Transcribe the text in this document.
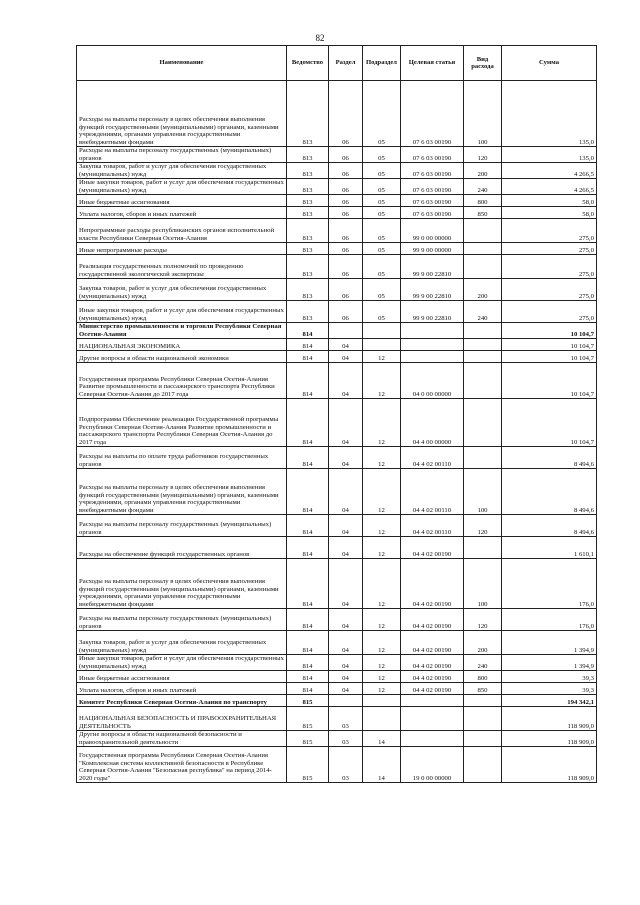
82
Наименование	Ведомство	Раздел	Подраздел	Целевая статья	Вид расхода	Сумма
Расходы на выплаты персоналу в целях обеспечения выполнения функций государственными (муниципальными) органами, казенными учреждениями, органами управления государственными внебюджетными фондами	813	06	05	07 6 03 00190	100	135,0
Расходы на выплаты персоналу государственных (муниципальных) органов	813	06	05	07 6 03 00190	120	135,0
Закупка товаров, работ и услуг для обеспечения государственных (муниципальных) нужд	813	06	05	07 6 03 00190	200	4 266,5
Иные закупки товаров, работ и услуг для обеспечения государственных (муниципальных) нужд	813	06	05	07 6 03 00190	240	4 266,5
Иные бюджетные ассигнования	813	06	05	07 6 03 00190	800	58,0
Уплата налогов, сборов и иных платежей	813	06	05	07 6 03 00190	850	58,0
Непрограммные расходы республиканских органов исполнительной власти Республики Северная Осетия-Алания	813	06	05	99 0 00 00000		275,0
Иные непрограммные расходы	813	06	05	99 9 00 00000		275,0
Реализация государственных полномочий по проведению государственной экологической экспертизы	813	06	05	99 9 00 22810		275,0
Закупка товаров, работ и услуг для обеспечения государственных (муниципальных) нужд	813	06	05	99 9 00 22810	200	275,0
Иные закупки товаров, работ и услуг для обеспечения государственных (муниципальных) нужд	813	06	05	99 9 00 22810	240	275,0
Министерство промышленности и торговли Республики Северная Осетия-Алания	814					10 104,7
НАЦИОНАЛЬНАЯ ЭКОНОМИКА	814	04				10 104,7
Другие вопросы в области национальной экономики	814	04	12			10 104,7
Государственная программа Республики Северная Осетия-Алания Развитие промышленности и пассажирского транспорта Республики Северная Осетия-Алания до 2017 года	814	04	12	04 0 00 00000		10 104,7
Подпрограмма Обеспечение реализации Государственной программы Республики Северная Осетия-Алания Развитие промышленности и пассажирского транспорта Республики Северная Осетия-Алания до 2017 года	814	04	12	04 4 00 00000		10 104,7
Расходы на выплаты по оплате труда работников государственных органов	814	04	12	04 4 02 00110		8 494,6
Расходы на выплаты персоналу в целях обеспечения выполнения функций государственными (муниципальными) органами, казенными учреждениями, органами управления государственными внебюджетными фондами	814	04	12	04 4 02 00110	100	8 494,6
Расходы на выплаты персоналу государственных (муниципальных) органов	814	04	12	04 4 02 00110	120	8 494,6
Расходы на обеспечение функций государственных органов	814	04	12	04 4 02 00190		1 610,1
Расходы на выплаты персоналу в целях обеспечения выполнения функций государственными (муниципальными) органами, казенными учреждениями, органами управления государственными внебюджетными фондами	814	04	12	04 4 02 00190	100	176,0
Расходы на выплаты персоналу государственных (муниципальных) органов	814	04	12	04 4 02 00190	120	176,0
Закупка товаров, работ и услуг для обеспечения государственных (муниципальных) нужд	814	04	12	04 4 02 00190	200	1 394,9
Иные закупки товаров, работ и услуг для обеспечения государственных (муниципальных) нужд	814	04	12	04 4 02 00190	240	1 394,9
Иные бюджетные ассигнования	814	04	12	04 4 02 00190	800	39,3
Уплата налогов, сборов и иных платежей	814	04	12	04 4 02 00190	850	39,3
Комитет Республики Северная Осетия-Алания по транспорту	815					194 342,1
НАЦИОНАЛЬНАЯ БЕЗОПАСНОСТЬ И ПРАВООХРАНИТЕЛЬНАЯ ДЕЯТЕЛЬНОСТЬ	815	03				118 909,0
Другие вопросы в области национальной безопасности и правоохранительной деятельности	815	03	14			118 909,0
Государственная программа Республики Северная Осетия-Алания "Комплексная система коллективной безопасности в Республике Северная Осетия-Алания "Безопасная республика" на период 2014-2020 годы"	815	03	14	19 0 00 00000		118 909,0
